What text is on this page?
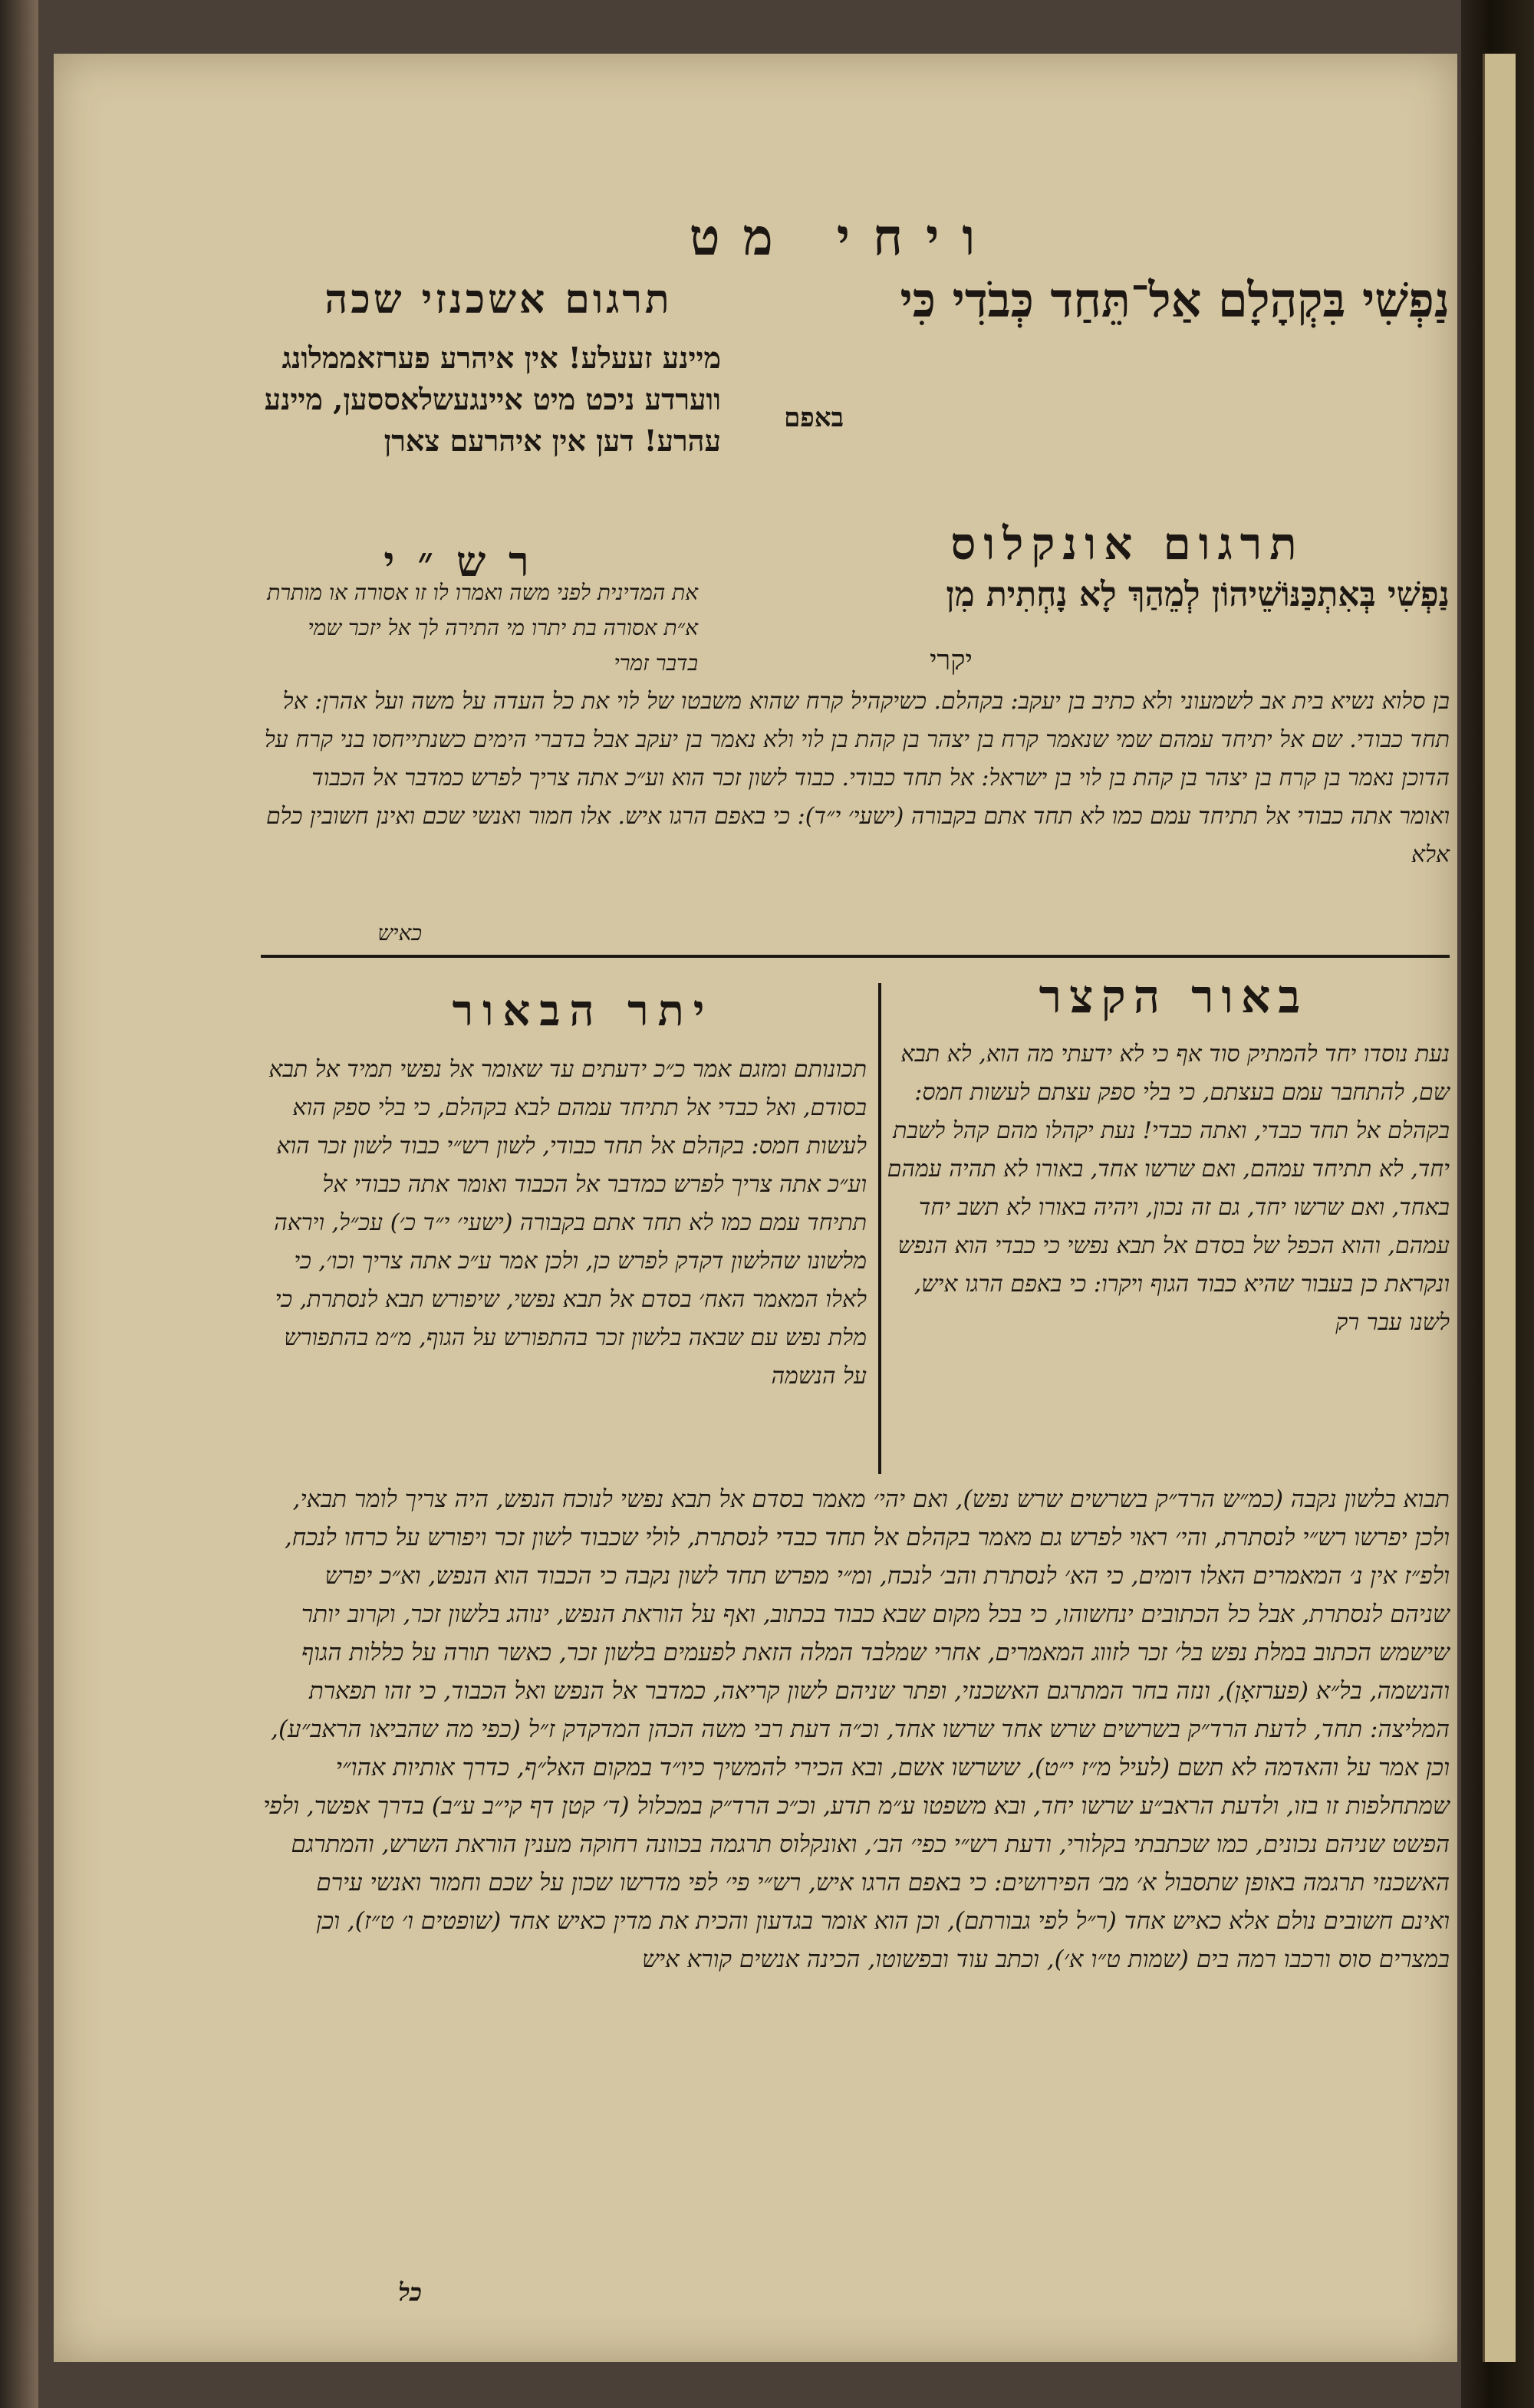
ויחי מט
נַפְשִׁי בִּקְהָלָם אַל־תֵּחַד כְּבֹדִי כִּי
באפם
תרגום אשכנזי שכה
מיינע זעעלע! אין איהרע פערזאממלונג ווערדע ניכט מיט איינגעשלאססען, מיינע עהרע! דען אין איהרעם צארן
תרגום אונקלוס
נַפְשִׁי בְּאִתְכַּנּוֹשֵׁיהוֹן לְמֵהַךְ לָא נָחְתִית מִן
יקרי
רש״י
את המדינית לפני משה ואמרו לו זו אסורה או מותרת א״ת אסורה בת יתרו מי התירה לך אל יזכר שמי בדבר זמרי
בן סלוא נשיא בית אב לשמעוני ולא כתיב בן יעקב: בקהלם. כשיקהיל קרח שהוא משבטו של לוי את כל העדה על משה ועל אהרן: אל תחד כבודי. שם אל יתיחד עמהם שמי שנאמר קרח בן יצהר בן קהת בן לוי ולא נאמר בן יעקב אבל בדברי הימים כשנתייחסו בני קרח על הדוכן נאמר בן קרח בן יצהר בן קהת בן לוי בן ישראל: אל תחד כבודי. כבוד לשון זכר הוא וע״כ אתה צריך לפרש כמדבר אל הכבוד ואומר אתה כבודי אל תתיחד עמם כמו לא תחד אתם בקבורה (ישעי׳ י״ד): כי באפם הרגו איש. אלו חמור ואנשי שכם ואינן חשובין כלם אלא
כאיש
באור הקצר
נעת נוסדו יחד להמתיק סוד אף כי לא ידעתי מה הוא, לא תבא שם, להתחבר עמם בעצתם, כי בלי ספק עצתם לעשות חמס: בקהלם אל תחד כבדי, ואתה כבדי! נעת יקהלו מהם קהל לשבת יחד, לא תתיחד עמהם, ואם שרשו אחד, באורו לא תהיה עמהם באחד, ואם שרשו יחד, גם זה נכון, ויהיה באורו לא תשב יחד עמהם, והוא הכפל של בסדם אל תבא נפשי כי כבדי הוא הנפש ונקראת כן בעבור שהיא כבוד הגוף ויקרו: כי באפם הרגו איש, לשנו עבר רק
יתר הבאור
תכונותם ומזגם אמר כ״כ ידעתים עד שאומר אל נפשי תמיד אל תבא בסודם, ואל כבדי אל תתיחד עמהם לבא בקהלם, כי בלי ספק הוא לעשות חמס: בקהלם אל תחד כבודי, לשון רש״י כבוד לשון זכר הוא וע״כ אתה צריך לפרש כמדבר אל הכבוד ואומר אתה כבודי אל תתיחד עמם כמו לא תחד אתם בקבורה (ישעי׳ י״ד כ׳) עכ״ל, ויראה מלשונו שהלשון דקדק לפרש כן, ולכן אמר ע״כ אתה צריך וכו׳, כי לאלו המאמר האח׳ בסדם אל תבא נפשי, שיפורש תבא לנסתרת, כי מלת נפש עם שבאה בלשון זכר בהתפורש על הגוף, מ״מ בהתפורש על הנשמה
תבוא בלשון נקבה (כמ״ש הרד״ק בשרשים שרש נפש), ואם יהי׳ מאמר בסדם אל תבא נפשי לנוכח הנפש, היה צריך לומר תבאי, ולכן יפרשו רש״י לנסתרת, והי׳ ראוי לפרש גם מאמר בקהלם אל תחד כבדי לנסתרת, לולי שכבוד לשון זכר ויפורש על כרחו לנכח, ולפ״ז אין נ׳ המאמרים האלו דומים, כי הא׳ לנסתרת והב׳ לנכח, ומ״י מפרש תחד לשון נקבה כי הכבוד הוא הנפש, וא״כ יפרש שניהם לנסתרת, אבל כל הכתובים ינחשוהו, כי בכל מקום שבא כבוד בכתוב, ואף על הוראת הנפש, ינוהג בלשון זכר, וקרוב יותר שישמש הכתוב במלת נפש בל׳ זכר לזווג המאמרים, אחרי שמלבד המלה הזאת לפעמים בלשון זכר, כאשר תורה על כללות הגוף והנשמה, בל״א (פערזאָן), ונזה בחר המתרגם האשכנזי, ופתר שניהם לשון קריאה, כמדבר אל הנפש ואל הכבוד, כי זהו תפארת המליצה: תחד, לדעת הרד״ק בשרשים שרש אחד שרשו אחד, וכ״ה דעת רבי משה הכהן המדקדק ז״ל (כפי מה שהביאו הראב״ע), וכן אמר על והאדמה לא תשם (לעיל מ״ז י״ט), ששרשו אשם, ובא הכירי להמשיך כיו״ד במקום האל״ף, כדרך אותיות אהו״י שמתחלפות זו בזו, ולדעת הראב״ע שרשו יחד, ובא משפטו ע״מ תדע, וכ״כ הרד״ק במכלול (ד׳ קטן דף קי״ב ע״ב) בדרך אפשר, ולפי הפשט שניהם נכונים, כמו שכתבתי בקלורי, ודעת רש״י כפי׳ הב׳, ואונקלוס תרגמה בכוונה רחוקה מענין הוראת השרש, והמתרגם האשכנזי תרגמה באופן שתסבול א׳ מב׳ הפירושים: כי באפם הרגו איש, רש״י פי׳ לפי מדרשו שכון על שכם וחמור ואנשי עירם ואינם חשובים נולם אלא כאיש אחד (ר״ל לפי גבורתם), וכן הוא אומר בגדעון והכית את מדין כאיש אחד (שופטים ו׳ ט״ז), וכן במצרים סוס ורכבו רמה בים (שמות ט״ו א׳), וכתב עוד ובפשוטו, הכינה אנשים קורא איש
כל
